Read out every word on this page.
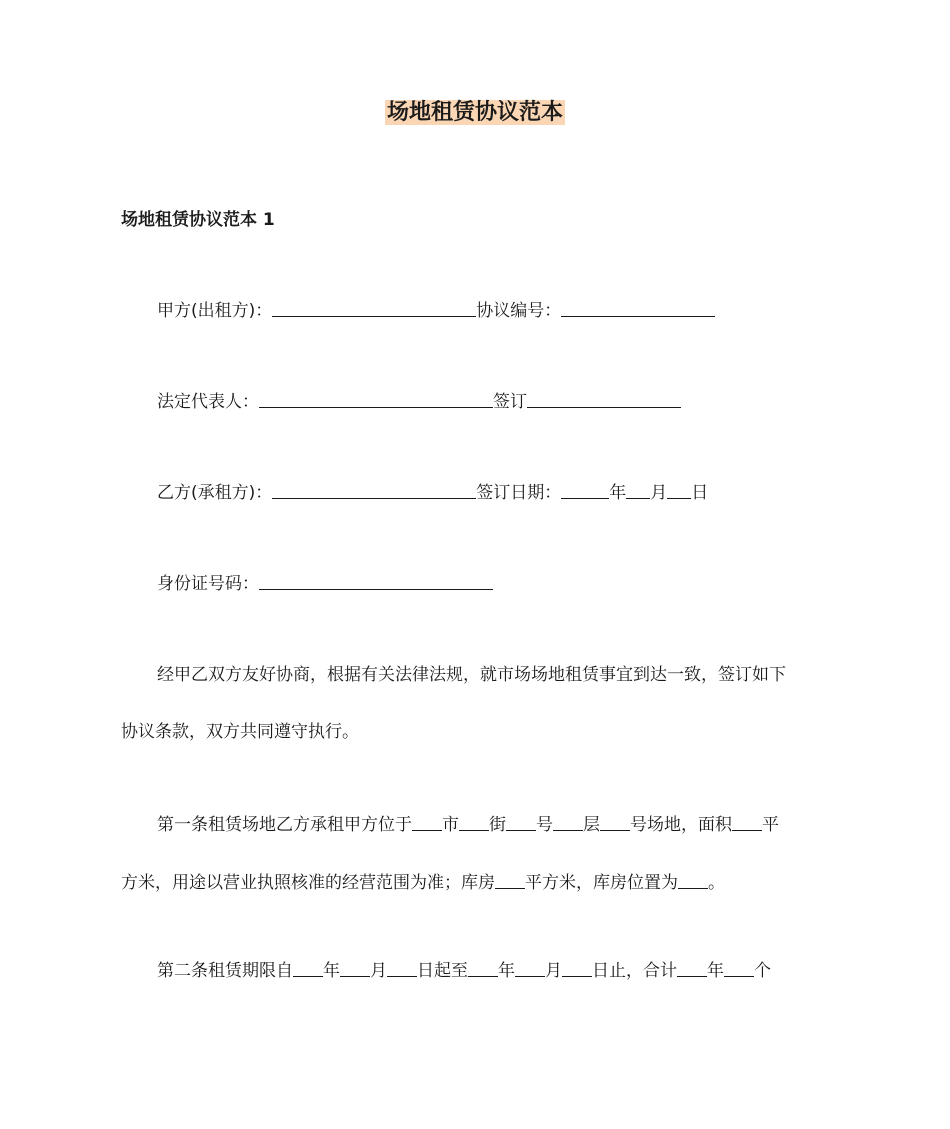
场地租赁协议范本
场地租赁协议范本 1

甲方(出租方)：	协议编号：

法定代表人：	签订

乙方(承租方)：	签订日期：	年 月 日

身份证号码：

经甲乙双方友好协商，根据有关法律法规，就市场场地租赁事宜到达一致，签订如下

协议条款，双方共同遵守执行。

第一条租赁场地乙方承租甲方位于 市 街 号 层 号场地，面积 平

方米，用途以营业执照核准的经营范围为准；库房 平方米，库房位置为 。

第二条租赁期限自 年 月 日起至 年 月 日止，合计 年 个
